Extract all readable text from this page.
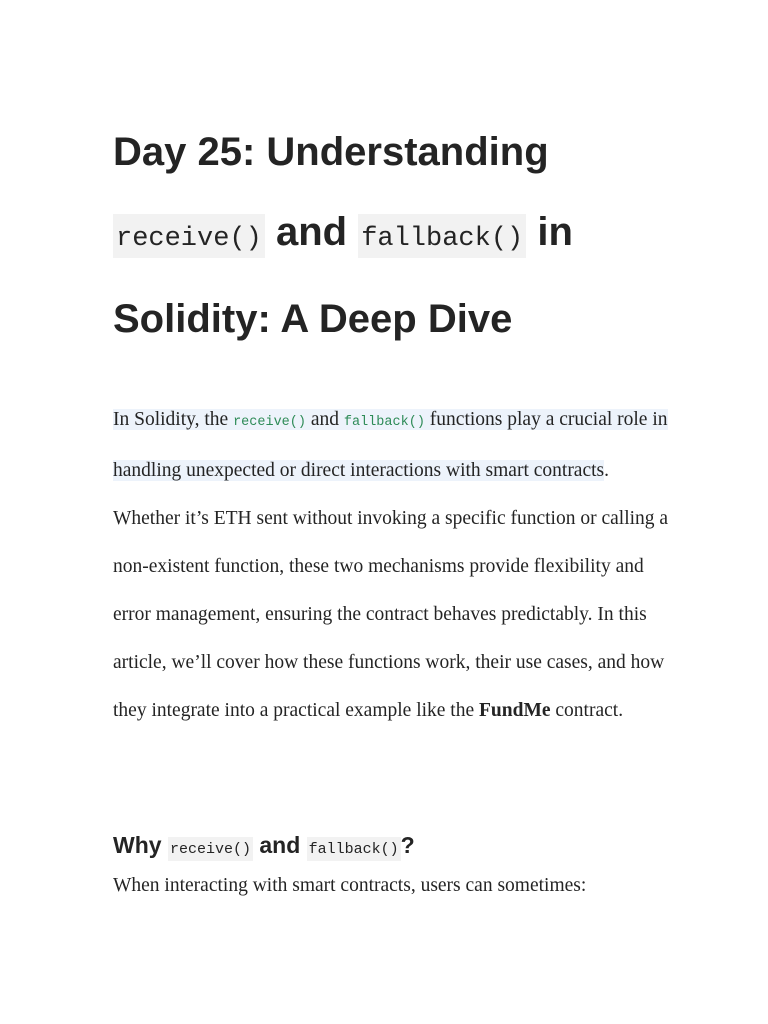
Day 25: Understanding
receive() and fallback() in
Solidity: A Deep Dive

In Solidity, the receive() and fallback() functions play a crucial role in handling unexpected or direct interactions with smart contracts. Whether it’s ETH sent without invoking a specific function or calling a non-existent function, these two mechanisms provide flexibility and error management, ensuring the contract behaves predictably. In this article, we’ll cover how these functions work, their use cases, and how they integrate into a practical example like the FundMe contract.

Why receive() and fallback()?

When interacting with smart contracts, users can sometimes:
